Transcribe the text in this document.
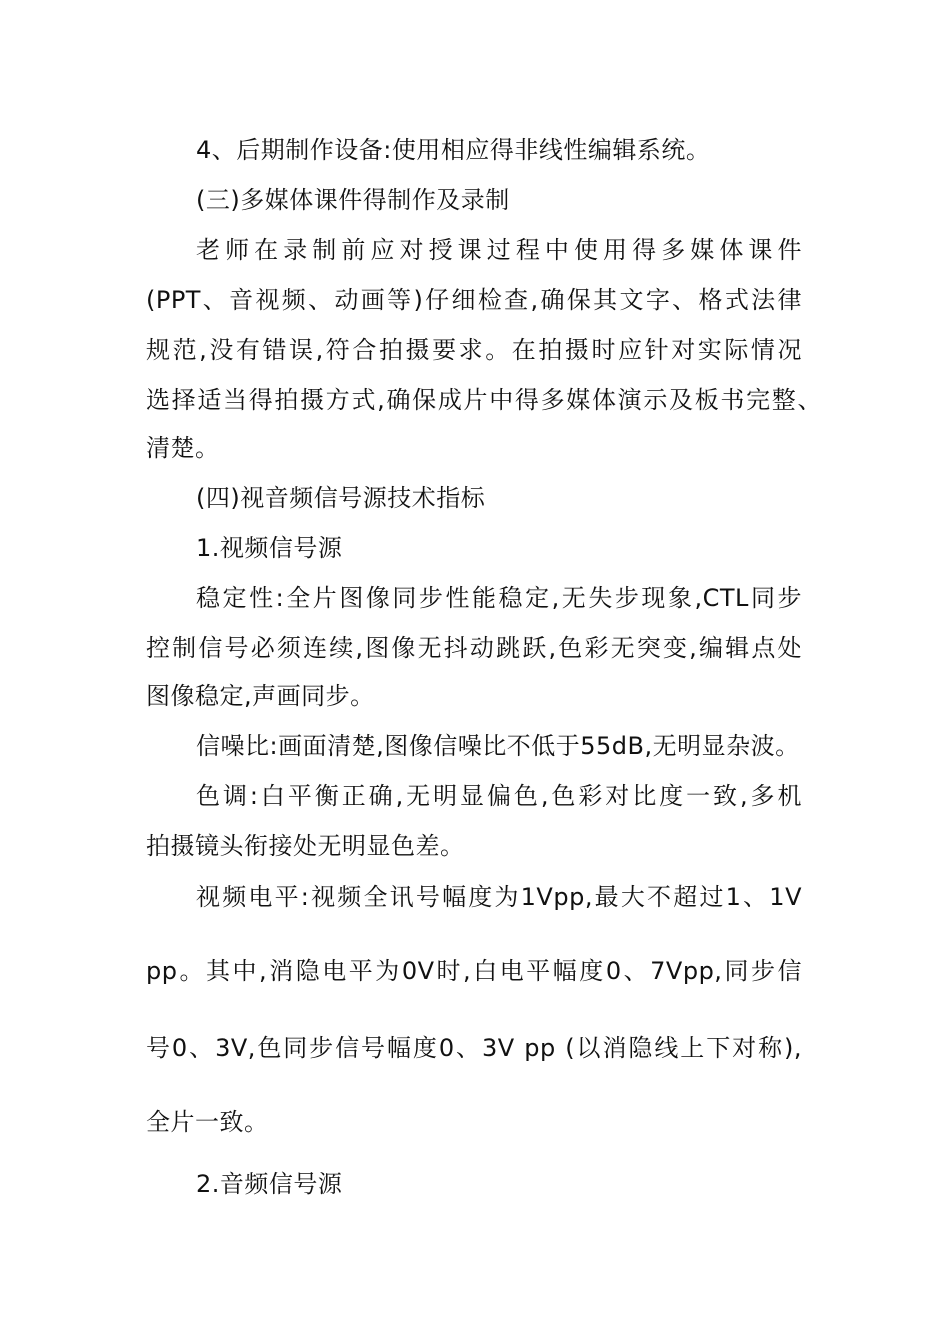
4、后期制作设备:使用相应得非线性编辑系统。

(三)多媒体课件得制作及录制

老师在录制前应对授课过程中使用得多媒体课件

(PPT、音视频、动画等)仔细检查,确保其文字、格式法律

规范,没有错误,符合拍摄要求。在拍摄时应针对实际情况

选择适当得拍摄方式,确保成片中得多媒体演示及板书完整、

清楚。

(四)视音频信号源技术指标

1.视频信号源

稳定性:全片图像同步性能稳定,无失步现象,CTL同步

控制信号必须连续,图像无抖动跳跃,色彩无突变,编辑点处

图像稳定,声画同步。

信噪比:画面清楚,图像信噪比不低于55dB,无明显杂波。

色调:白平衡正确,无明显偏色,色彩对比度一致,多机

拍摄镜头衔接处无明显色差。

视频电平:视频全讯号幅度为1Vpp,最大不超过1、1V

pp。其中,消隐电平为0V时,白电平幅度0、7Vpp,同步信

号0、3V,色同步信号幅度0、3V pp (以消隐线上下对称),

全片一致。

2.音频信号源
